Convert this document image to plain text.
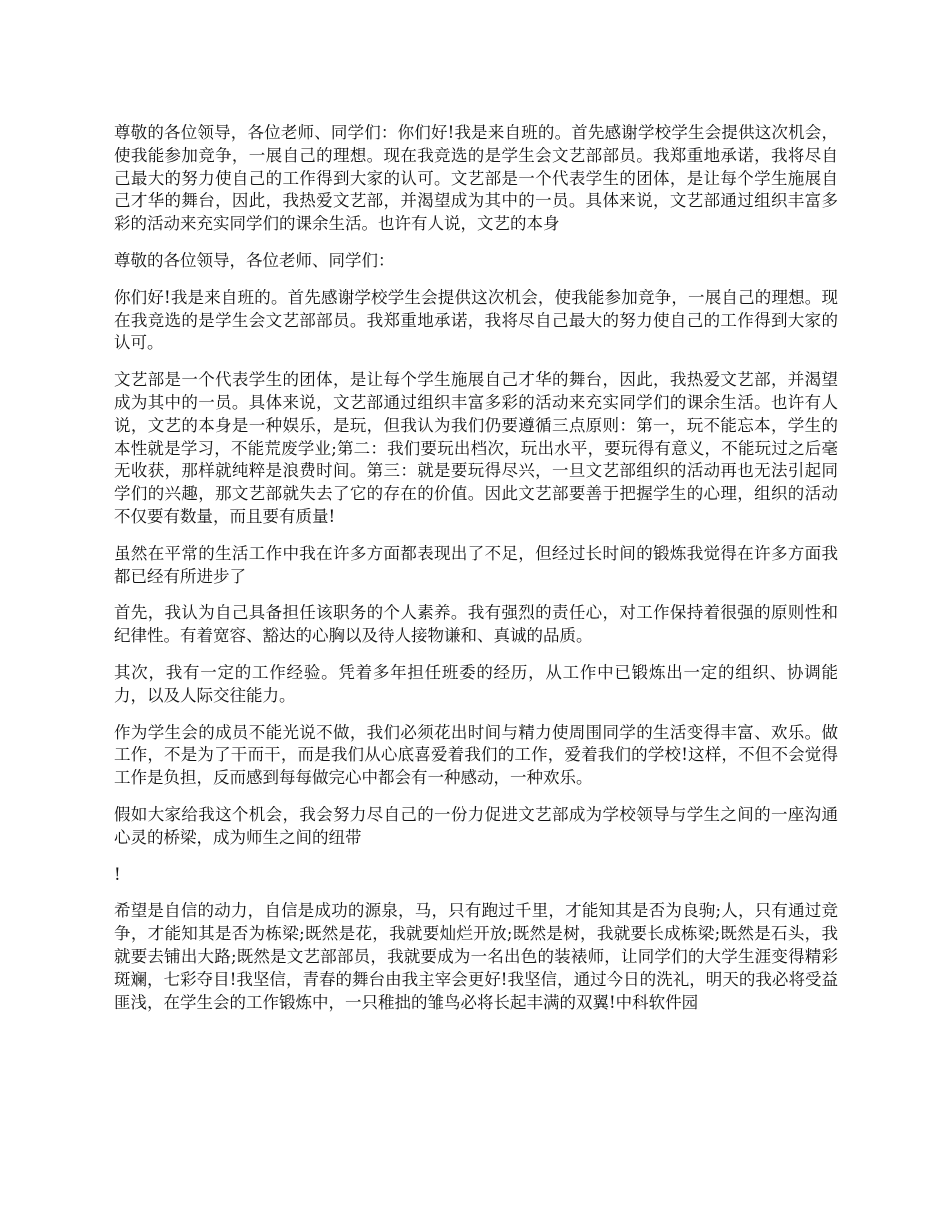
尊敬的各位领导，各位老师、同学们：你们好!我是来自班的。首先感谢学校学生会提供这次机会，使我能参加竞争，一展自己的理想。现在我竞选的是学生会文艺部部员。我郑重地承诺，我将尽自己最大的努力使自己的工作得到大家的认可。文艺部是一个代表学生的团体，是让每个学生施展自己才华的舞台，因此，我热爱文艺部，并渴望成为其中的一员。具体来说，文艺部通过组织丰富多彩的活动来充实同学们的课余生活。也许有人说，文艺的本身

尊敬的各位领导，各位老师、同学们：

你们好!我是来自班的。首先感谢学校学生会提供这次机会，使我能参加竞争，一展自己的理想。现在我竞选的是学生会文艺部部员。我郑重地承诺，我将尽自己最大的努力使自己的工作得到大家的认可。

文艺部是一个代表学生的团体，是让每个学生施展自己才华的舞台，因此，我热爱文艺部，并渴望成为其中的一员。具体来说，文艺部通过组织丰富多彩的活动来充实同学们的课余生活。也许有人说，文艺的本身是一种娱乐，是玩，但我认为我们仍要遵循三点原则：第一，玩不能忘本，学生的本性就是学习，不能荒废学业;第二：我们要玩出档次，玩出水平，要玩得有意义，不能玩过之后毫无收获，那样就纯粹是浪费时间。第三：就是要玩得尽兴，一旦文艺部组织的活动再也无法引起同学们的兴趣，那文艺部就失去了它的存在的价值。因此文艺部要善于把握学生的心理，组织的活动不仅要有数量，而且要有质量!

虽然在平常的生活工作中我在许多方面都表现出了不足，但经过长时间的锻炼我觉得在许多方面我都已经有所进步了

首先，我认为自己具备担任该职务的个人素养。我有强烈的责任心，对工作保持着很强的原则性和纪律性。有着宽容、豁达的心胸以及待人接物谦和、真诚的品质。

其次，我有一定的工作经验。凭着多年担任班委的经历，从工作中已锻炼出一定的组织、协调能力，以及人际交往能力。

作为学生会的成员不能光说不做，我们必须花出时间与精力使周围同学的生活变得丰富、欢乐。做工作，不是为了干而干，而是我们从心底喜爱着我们的工作，爱着我们的学校!这样，不但不会觉得工作是负担，反而感到每每做完心中都会有一种感动，一种欢乐。

假如大家给我这个机会，我会努力尽自己的一份力促进文艺部成为学校领导与学生之间的一座沟通心灵的桥梁，成为师生之间的纽带

!

希望是自信的动力，自信是成功的源泉，马，只有跑过千里，才能知其是否为良驹;人，只有通过竞争，才能知其是否为栋梁;既然是花，我就要灿烂开放;既然是树，我就要长成栋梁;既然是石头，我就要去铺出大路;既然是文艺部部员，我就要成为一名出色的装裱师，让同学们的大学生涯变得精彩斑斓，七彩夺目!我坚信，青春的舞台由我主宰会更好!我坚信，通过今日的洗礼，明天的我必将受益匪浅，在学生会的工作锻炼中，一只稚拙的雏鸟必将长起丰满的双翼!中科软件园
